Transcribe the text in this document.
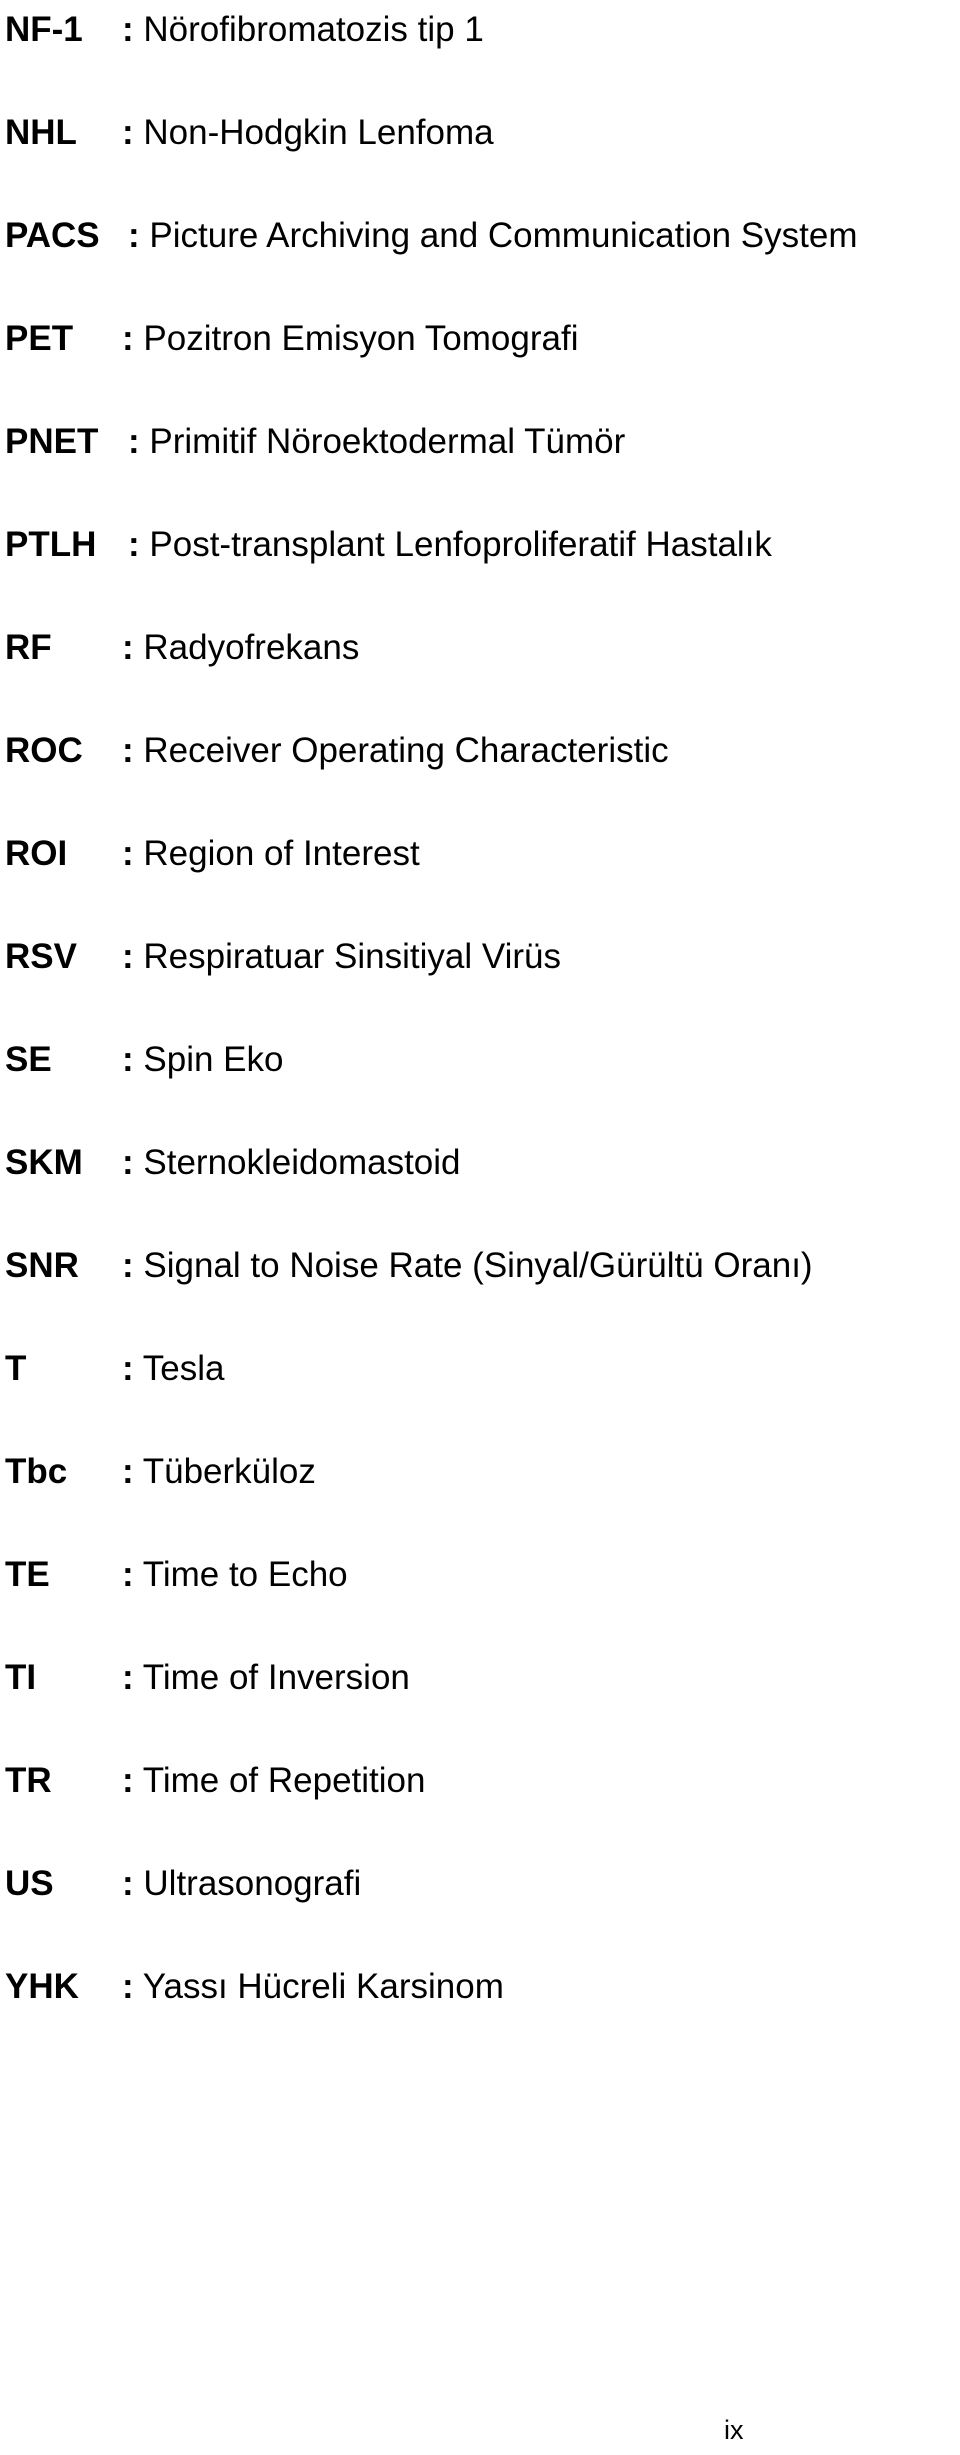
NF-1 : Nörofibromatozis tip 1
NHL : Non-Hodgkin Lenfoma
PACS : Picture Archiving and Communication System
PET : Pozitron Emisyon Tomografi
PNET : Primitif Nöroektodermal Tümör
PTLH : Post-transplant Lenfoproliferatif Hastalık
RF : Radyofrekans
ROC : Receiver Operating Characteristic
ROI : Region of Interest
RSV : Respiratuar Sinsitiyal Virüs
SE : Spin Eko
SKM : Sternokleidomastoid
SNR : Signal to Noise Rate (Sinyal/Gürültü Oranı)
T	: Tesla
Tbc : Tüberküloz
TE : Time to Echo
TI : Time of Inversion
TR : Time of Repetition
US : Ultrasonografi
YHK : Yassı Hücreli Karsinom
ix
